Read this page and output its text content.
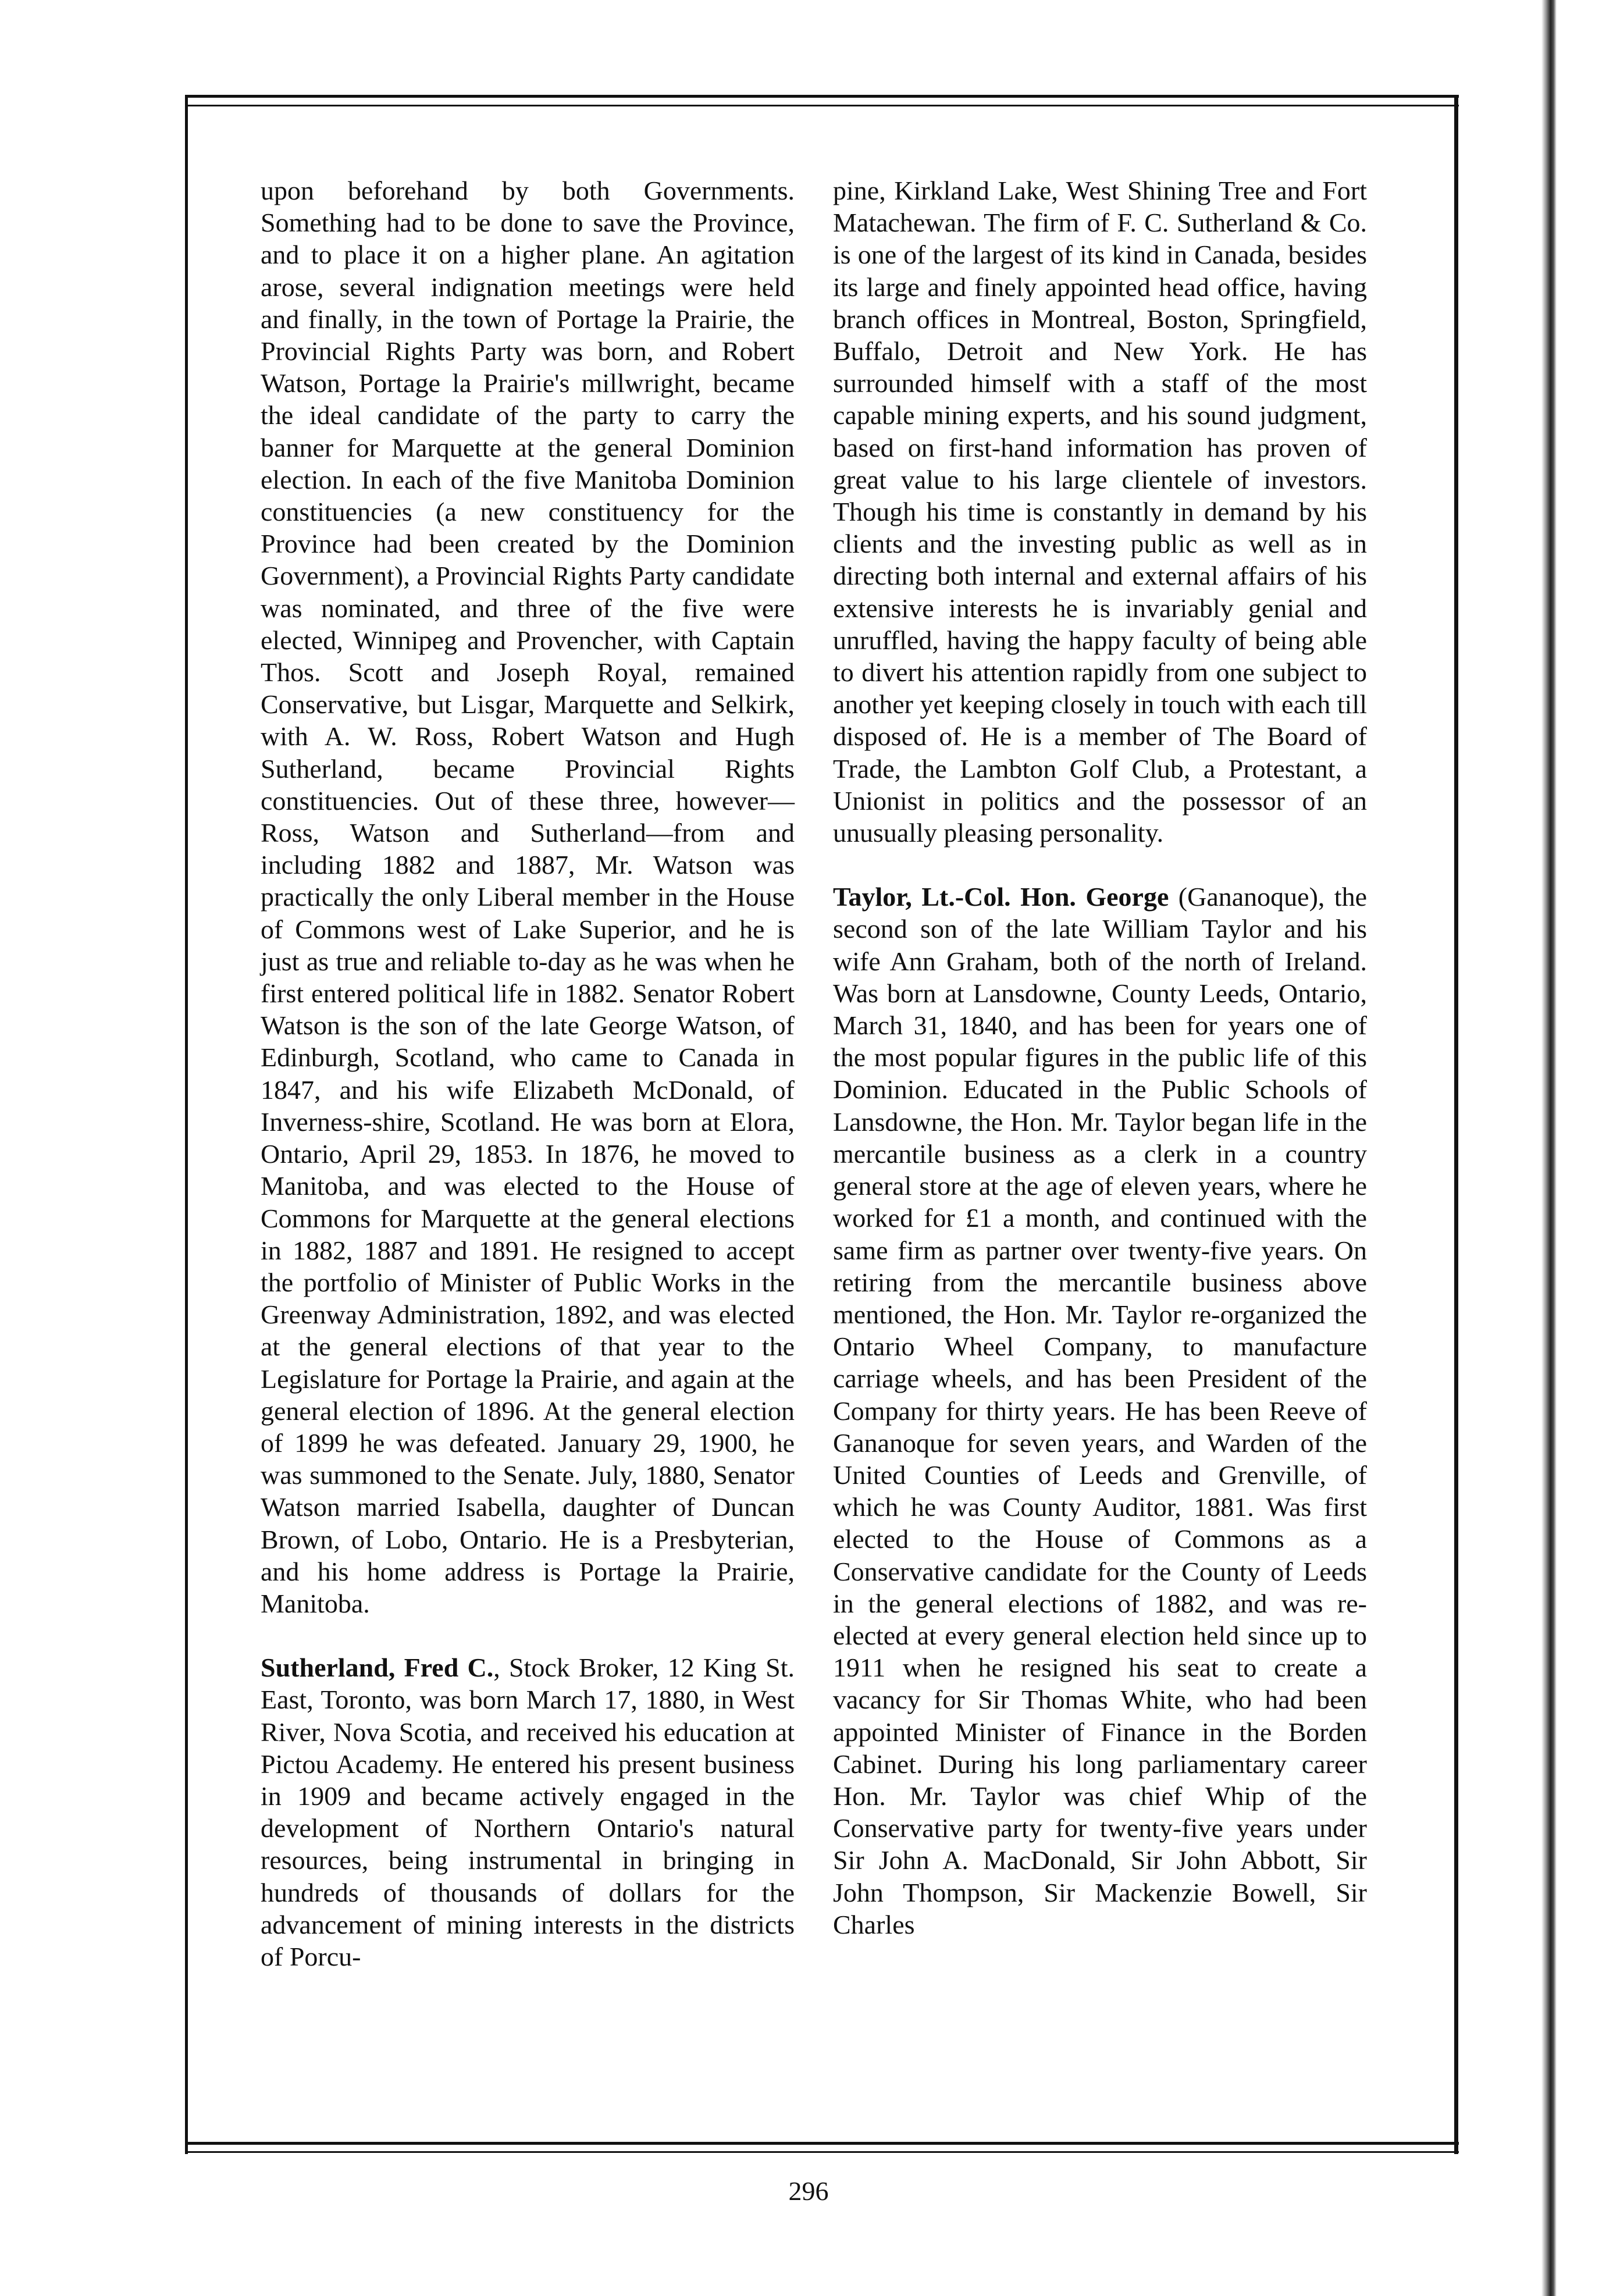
upon beforehand by both Governments. Something had to be done to save the Province, and to place it on a higher plane. An agitation arose, several indignation meetings were held and finally, in the town of Portage la Prairie, the Provincial Rights Party was born, and Robert Watson, Portage la Prairie's millwright, became the ideal candidate of the party to carry the banner for Marquette at the general Dominion election. In each of the five Manitoba Dominion constituencies (a new constituency for the Province had been created by the Dominion Government), a Provincial Rights Party candidate was nominated, and three of the five were elected, Winnipeg and Provencher, with Captain Thos. Scott and Joseph Royal, remained Conservative, but Lisgar, Marquette and Selkirk, with A. W. Ross, Robert Watson and Hugh Sutherland, became Provincial Rights constituencies. Out of these three, however—Ross, Watson and Sutherland—from and including 1882 and 1887, Mr. Watson was practically the only Liberal member in the House of Commons west of Lake Superior, and he is just as true and reliable to-day as he was when he first entered political life in 1882. Senator Robert Watson is the son of the late George Watson, of Edinburgh, Scotland, who came to Canada in 1847, and his wife Elizabeth McDonald, of Inverness-shire, Scotland. He was born at Elora, Ontario, April 29, 1853. In 1876, he moved to Manitoba, and was elected to the House of Commons for Marquette at the general elections in 1882, 1887 and 1891. He resigned to accept the portfolio of Minister of Public Works in the Greenway Administration, 1892, and was elected at the general elections of that year to the Legislature for Portage la Prairie, and again at the general election of 1896. At the general election of 1899 he was defeated. January 29, 1900, he was summoned to the Senate. July, 1880, Senator Watson married Isabella, daughter of Duncan Brown, of Lobo, Ontario. He is a Presbyterian, and his home address is Portage la Prairie, Manitoba.

Sutherland, Fred C., Stock Broker, 12 King St. East, Toronto, was born March 17, 1880, in West River, Nova Scotia, and received his education at Pictou Academy. He entered his present business in 1909 and became actively engaged in the development of Northern Ontario's natural resources, being instrumental in bringing in hundreds of thousands of dollars for the advancement of mining interests in the districts of Porcu-

pine, Kirkland Lake, West Shining Tree and Fort Matachewan. The firm of F. C. Sutherland & Co. is one of the largest of its kind in Canada, besides its large and finely appointed head office, having branch offices in Montreal, Boston, Springfield, Buffalo, Detroit and New York. He has surrounded himself with a staff of the most capable mining experts, and his sound judgment, based on first-hand information has proven of great value to his large clientele of investors. Though his time is constantly in demand by his clients and the investing public as well as in directing both internal and external affairs of his extensive interests he is invariably genial and unruffled, having the happy faculty of being able to divert his attention rapidly from one subject to another yet keeping closely in touch with each till disposed of. He is a member of The Board of Trade, the Lambton Golf Club, a Protestant, a Unionist in politics and the possessor of an unusually pleasing personality.

Taylor, Lt.-Col. Hon. George (Gananoque), the second son of the late William Taylor and his wife Ann Graham, both of the north of Ireland. Was born at Lansdowne, County Leeds, Ontario, March 31, 1840, and has been for years one of the most popular figures in the public life of this Dominion. Educated in the Public Schools of Lansdowne, the Hon. Mr. Taylor began life in the mercantile business as a clerk in a country general store at the age of eleven years, where he worked for £1 a month, and continued with the same firm as partner over twenty-five years. On retiring from the mercantile business above mentioned, the Hon. Mr. Taylor re-organized the Ontario Wheel Company, to manufacture carriage wheels, and has been President of the Company for thirty years. He has been Reeve of Gananoque for seven years, and Warden of the United Counties of Leeds and Grenville, of which he was County Auditor, 1881. Was first elected to the House of Commons as a Conservative candidate for the County of Leeds in the general elections of 1882, and was re-elected at every general election held since up to 1911 when he resigned his seat to create a vacancy for Sir Thomas White, who had been appointed Minister of Finance in the Borden Cabinet. During his long parliamentary career Hon. Mr. Taylor was chief Whip of the Conservative party for twenty-five years under Sir John A. MacDonald, Sir John Abbott, Sir John Thompson, Sir Mackenzie Bowell, Sir Charles

296
